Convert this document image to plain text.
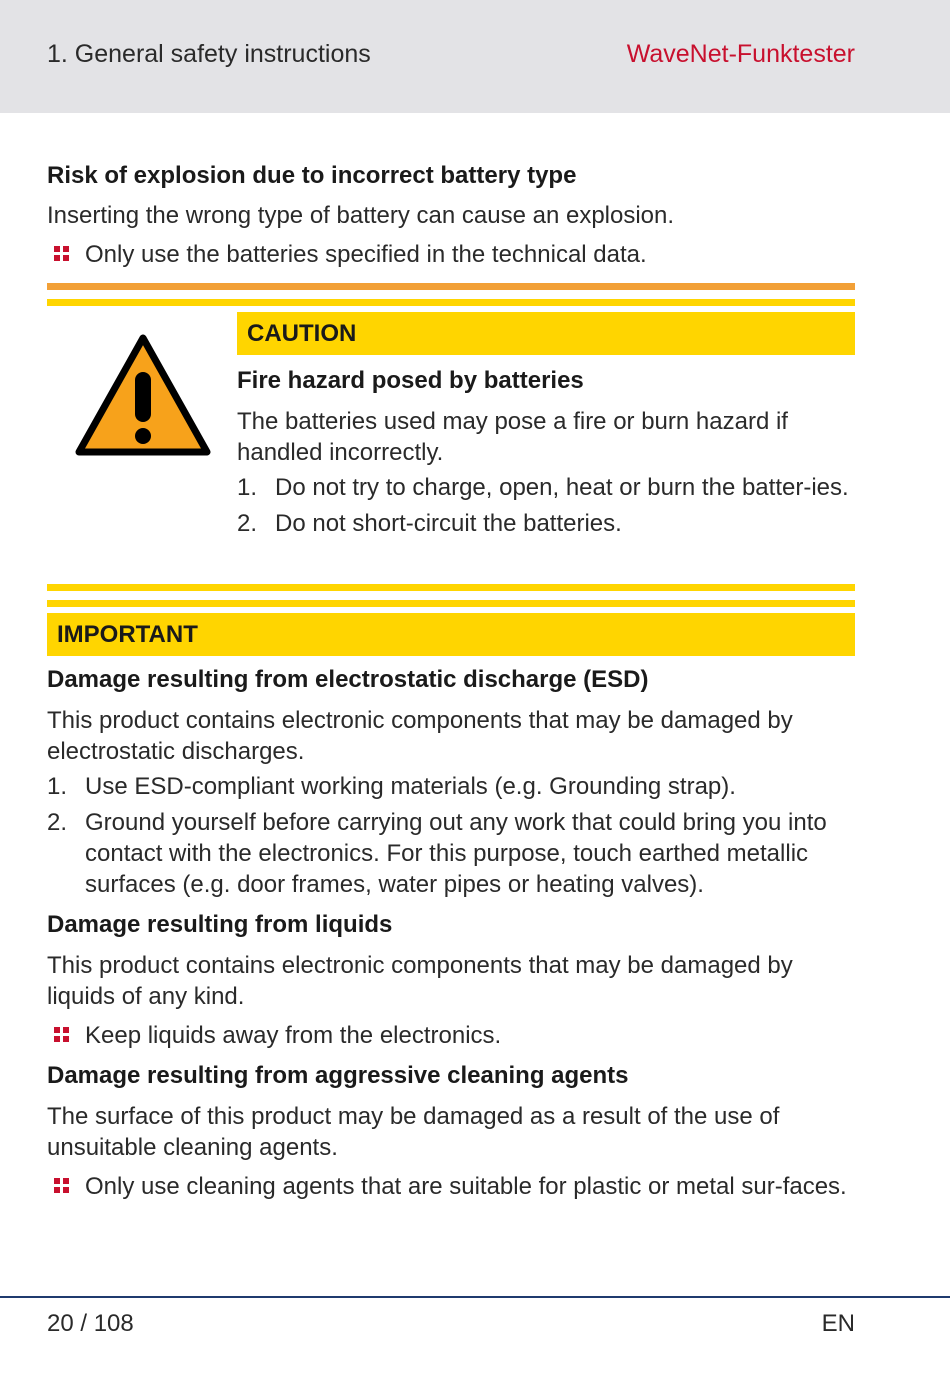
1. General safety instructions	WaveNet-Funktester
Risk of explosion due to incorrect battery type

Inserting the wrong type of battery can cause an explosion.

Only use the batteries specified in the technical data.
CAUTION
Fire hazard posed by batteries

The batteries used may pose a fire or burn hazard if handled incorrectly.

1. Do not try to charge, open, heat or burn the batter-ies.
2. Do not short-circuit the batteries.
IMPORTANT
Damage resulting from electrostatic discharge (ESD)

This product contains electronic components that may be damaged by electrostatic discharges.

1. Use ESD-compliant working materials (e.g. Grounding strap).
2. Ground yourself before carrying out any work that could bring you into contact with the electronics. For this purpose, touch earthed metallic surfaces (e.g. door frames, water pipes or heating valves).
Damage resulting from liquids

This product contains electronic components that may be damaged by liquids of any kind.

Keep liquids away from the electronics.
Damage resulting from aggressive cleaning agents

The surface of this product may be damaged as a result of the use of unsuitable cleaning agents.

Only use cleaning agents that are suitable for plastic or metal sur-faces.
20 / 108	EN
